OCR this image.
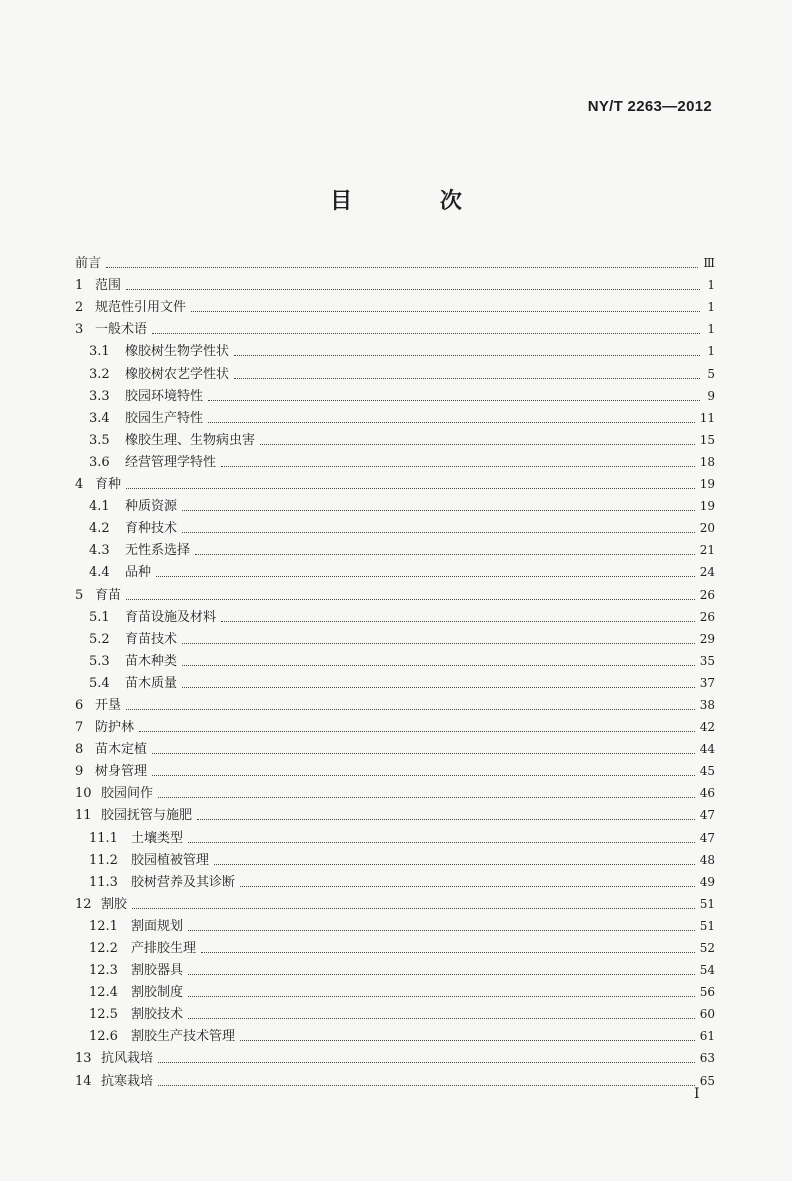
NY/T 2263—2012
目 次
前言	Ⅲ
1 范围	1
2 规范性引用文件	1
3 一般术语	1
3.1	橡胶树生物学性状	1
3.2	橡胶树农艺学性状	5
3.3	胶园环境特性	9
3.4	胶园生产特性	11
3.5	橡胶生理、生物病虫害	15
3.6	经营管理学特性	18
4 育种	19
4.1	种质资源	19
4.2	育种技术	20
4.3	无性系选择	21
4.4	品种	24
5 育苗	26
5.1	育苗设施及材料	26
5.2	育苗技术	29
5.3	苗木种类	35
5.4	苗木质量	37
6 开垦	38
7 防护林	42
8 苗木定植	44
9 树身管理	45
10 胶园间作	46
11 胶园抚管与施肥	47
11.1	土壤类型	47
11.2	胶园植被管理	48
11.3	胶树营养及其诊断	49
12 割胶	51
12.1	割面规划	51
12.2	产排胶生理	52
12.3	割胶器具	54
12.4	割胶制度	56
12.5	割胶技术	60
12.6	割胶生产技术管理	61
13 抗风栽培	63
14 抗寒栽培	65
Ⅰ
